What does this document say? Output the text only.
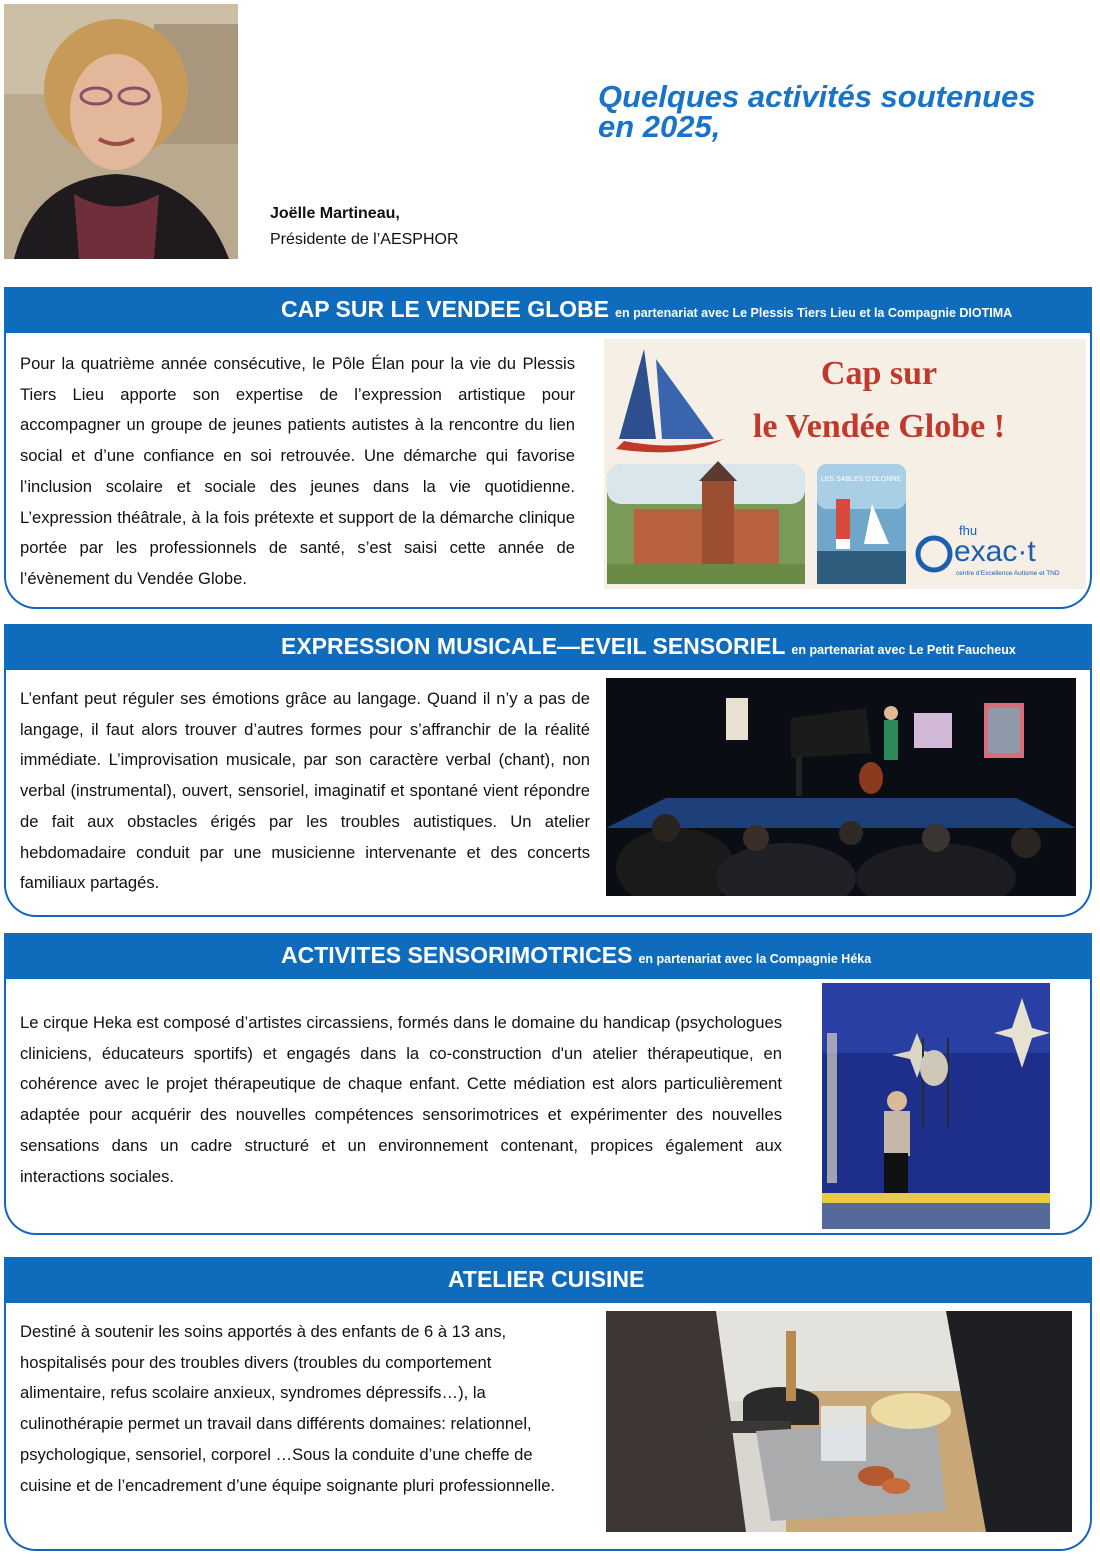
Joëlle Martineau,
Présidente de l’AESPHOR
Quelques activités soutenues
en 2025,
CAP SUR LE VENDEE GLOBE en partenariat avec Le Plessis Tiers Lieu et la Compagnie DIOTIMA
Pour la quatrième année consécutive, le Pôle Élan pour la vie du Plessis Tiers Lieu apporte son expertise de l’expression artistique pour accompagner un groupe de jeunes patients autistes à la rencontre du lien social et d’une confiance en soi retrouvée. Une démarche qui favorise l’inclusion scolaire et sociale des jeunes dans la vie quotidienne. L’expression théâtrale, à la fois prétexte et support de la démarche clinique portée par les professionnels de santé, s’est saisi cette année de l’évènement du Vendée Globe.
Cap sur
le Vendée Globe !
LES SABLES D'OLONNE
fhu
exac·t
centre d’Excellence Autisme et TND
EXPRESSION MUSICALE—EVEIL SENSORIEL en partenariat avec Le Petit Faucheux
L’enfant peut réguler ses émotions grâce au langage. Quand il n’y a pas de langage, il faut alors trouver d’autres formes pour s’affranchir de la réalité immédiate. L’improvisation musicale, par son caractère verbal (chant), non verbal (instrumental), ouvert, sensoriel, imaginatif et spontané vient répondre de fait aux obstacles érigés par les troubles autistiques. Un atelier hebdomadaire conduit par une musicienne intervenante et des concerts familiaux partagés.
ACTIVITES SENSORIMOTRICES en partenariat avec la Compagnie Héka
Le cirque Heka est composé d’artistes circassiens, formés dans le domaine du handicap (psychologues cliniciens, éducateurs sportifs) et engagés dans la co-construction d'un atelier thérapeutique, en cohérence avec le projet thérapeutique de chaque enfant. Cette médiation est alors particulièrement adaptée pour acquérir des nouvelles compétences sensorimotrices et expérimenter des nouvelles sensations dans un cadre structuré et un environnement contenant, propices également aux interactions sociales.
ATELIER CUISINE
Destiné à soutenir les soins apportés à des enfants de 6 à 13 ans, hospitalisés pour des troubles divers (troubles du comportement alimentaire, refus scolaire anxieux, syndromes dépressifs…), la culinothérapie permet un travail dans différents domaines: relationnel, psychologique, sensoriel, corporel …Sous la conduite d’une cheffe de cuisine et de l’encadrement d’une équipe soignante pluri professionnelle.
